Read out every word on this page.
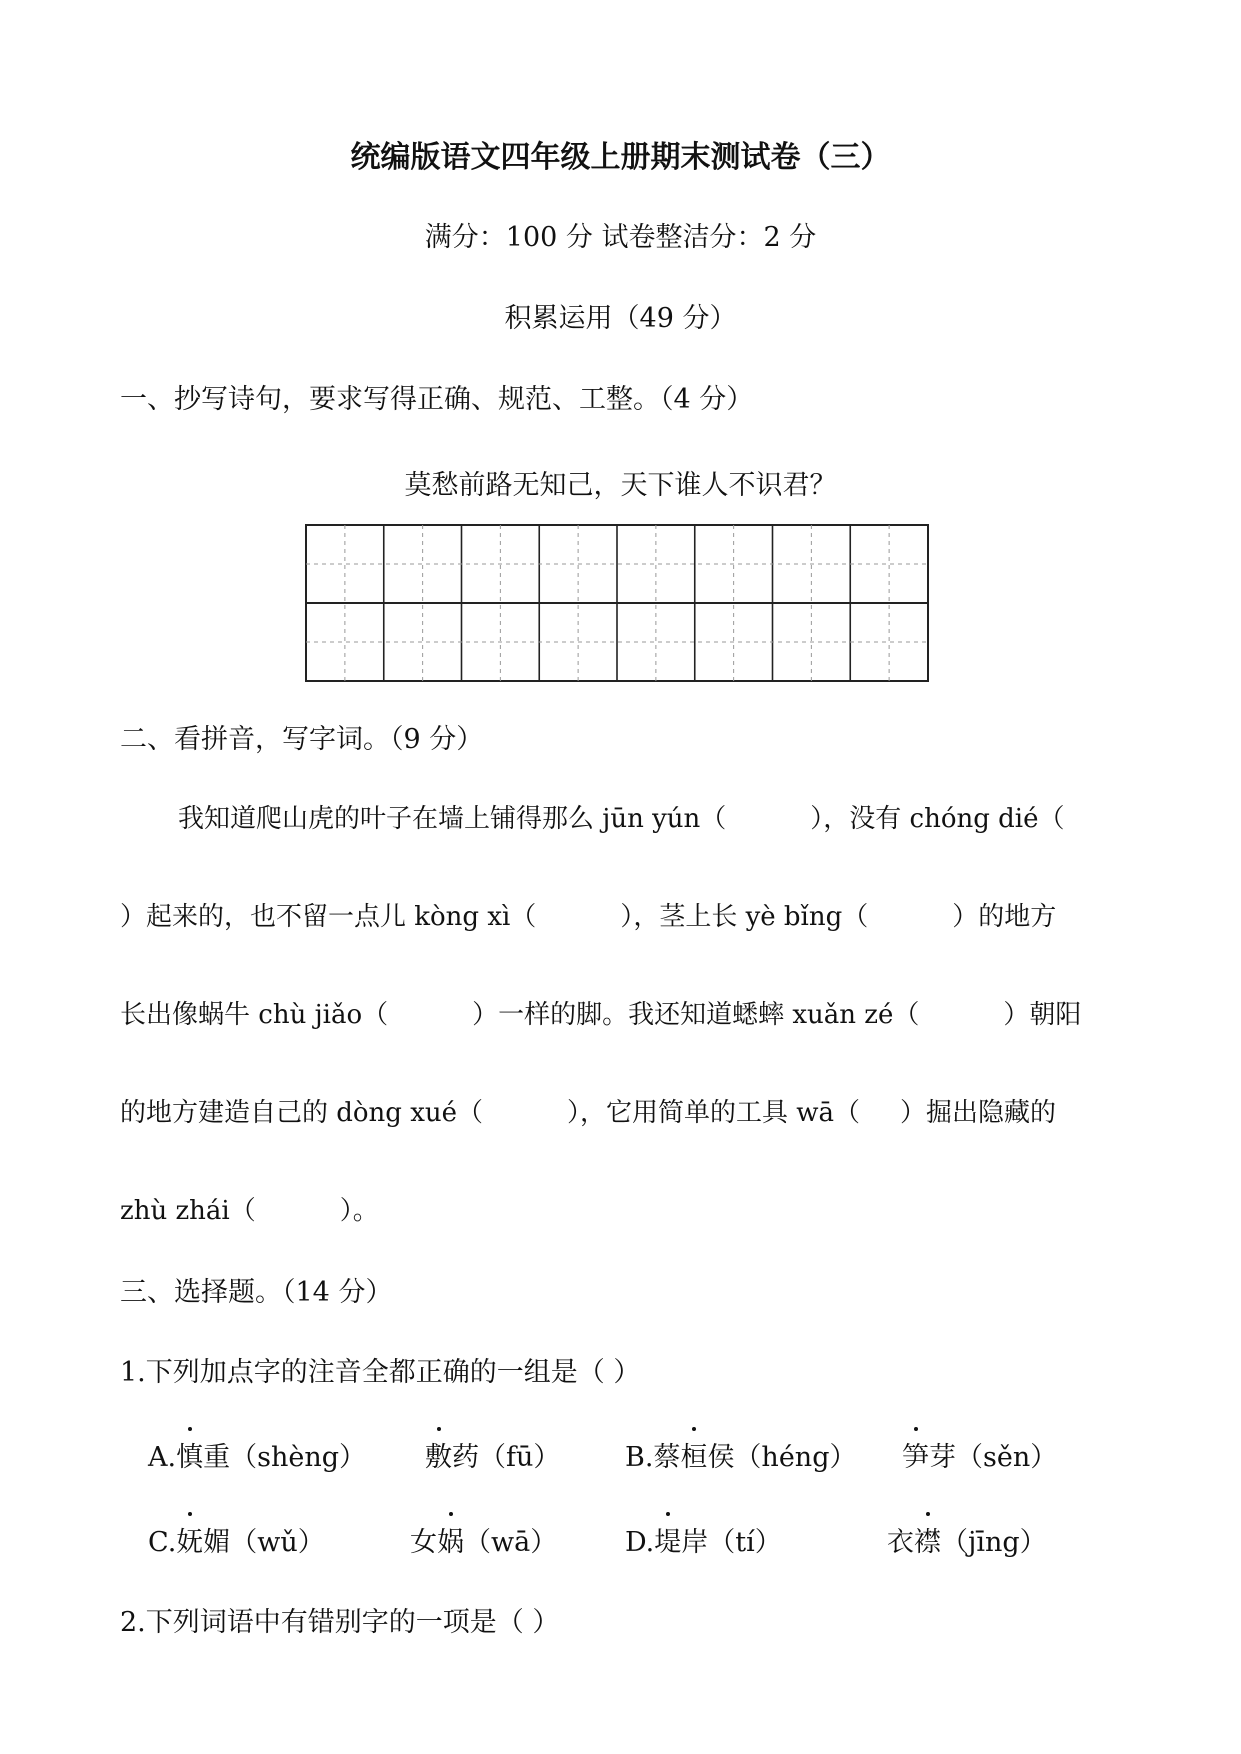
统编版语文四年级上册期末测试卷（三）
满分：100 分 试卷整洁分：2 分
积累运用（49 分）
一、抄写诗句，要求写得正确、规范、工整。（4 分）
莫愁前路无知己，天下谁人不识君？
二、看拼音，写字词。（9 分）
我知道爬山虎的叶子在墙上铺得那么 jūn yún（	），没有 chóng dié（
）起来的，也不留一点儿 kòng xì（	），茎上长 yè bǐng（	）的地方
长出像蜗牛 chù jiǎo（	）一样的脚。我还知道蟋蟀 xuǎn zé（	）朝阳
的地方建造自己的 dòng xué（	），它用简单的工具 wā（ ）掘出隐藏的
zhù zhái（	）。
三、选择题。（14 分）
1.下列加点字的注音全都正确的一组是（ ）
A.慎重（shèng） 敷药（fū） B.蔡桓侯（héng） 笋芽（sěn）
C.妩媚（wǔ）	女娲（wā）	D.堤岸（tí）	衣襟（jīng）
2.下列词语中有错别字的一项是（ ）
